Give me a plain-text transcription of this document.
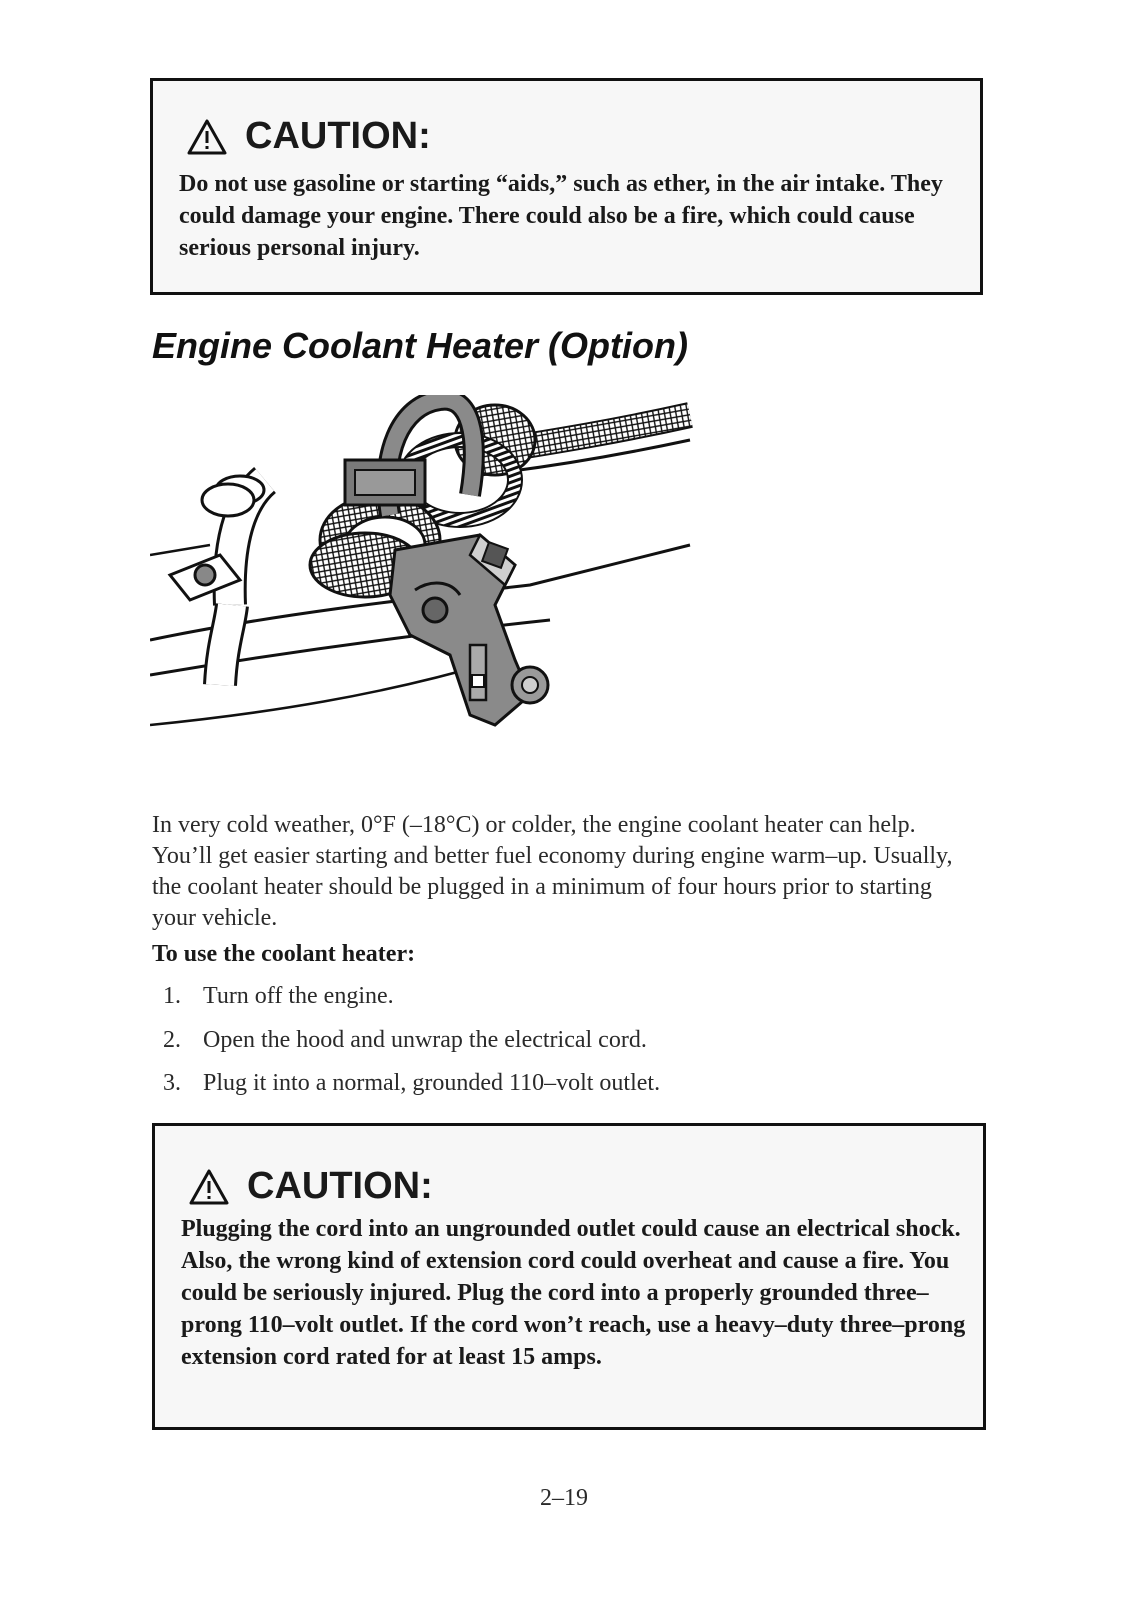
CAUTION:

Do not use gasoline or starting “aids,” such as ether, in the air intake. They could damage your engine. There could also be a fire, which could cause serious personal injury.

Engine Coolant Heater (Option)

In very cold weather, 0°F (–18°C) or colder, the engine coolant heater can help. You’ll get easier starting and better fuel economy during engine warm–up. Usually, the coolant heater should be plugged in a minimum of four hours prior to starting your vehicle.

To use the coolant heater:

1. Turn off the engine.
2. Open the hood and unwrap the electrical cord.
3. Plug it into a normal, grounded 110–volt outlet.
CAUTION:

Plugging the cord into an ungrounded outlet could cause an electrical shock. Also, the wrong kind of extension cord could overheat and cause a fire. You could be seriously injured. Plug the cord into a properly grounded three–prong 110–volt outlet. If the cord won’t reach, use a heavy–duty three–prong extension cord rated for at least 15 amps.

2–19
